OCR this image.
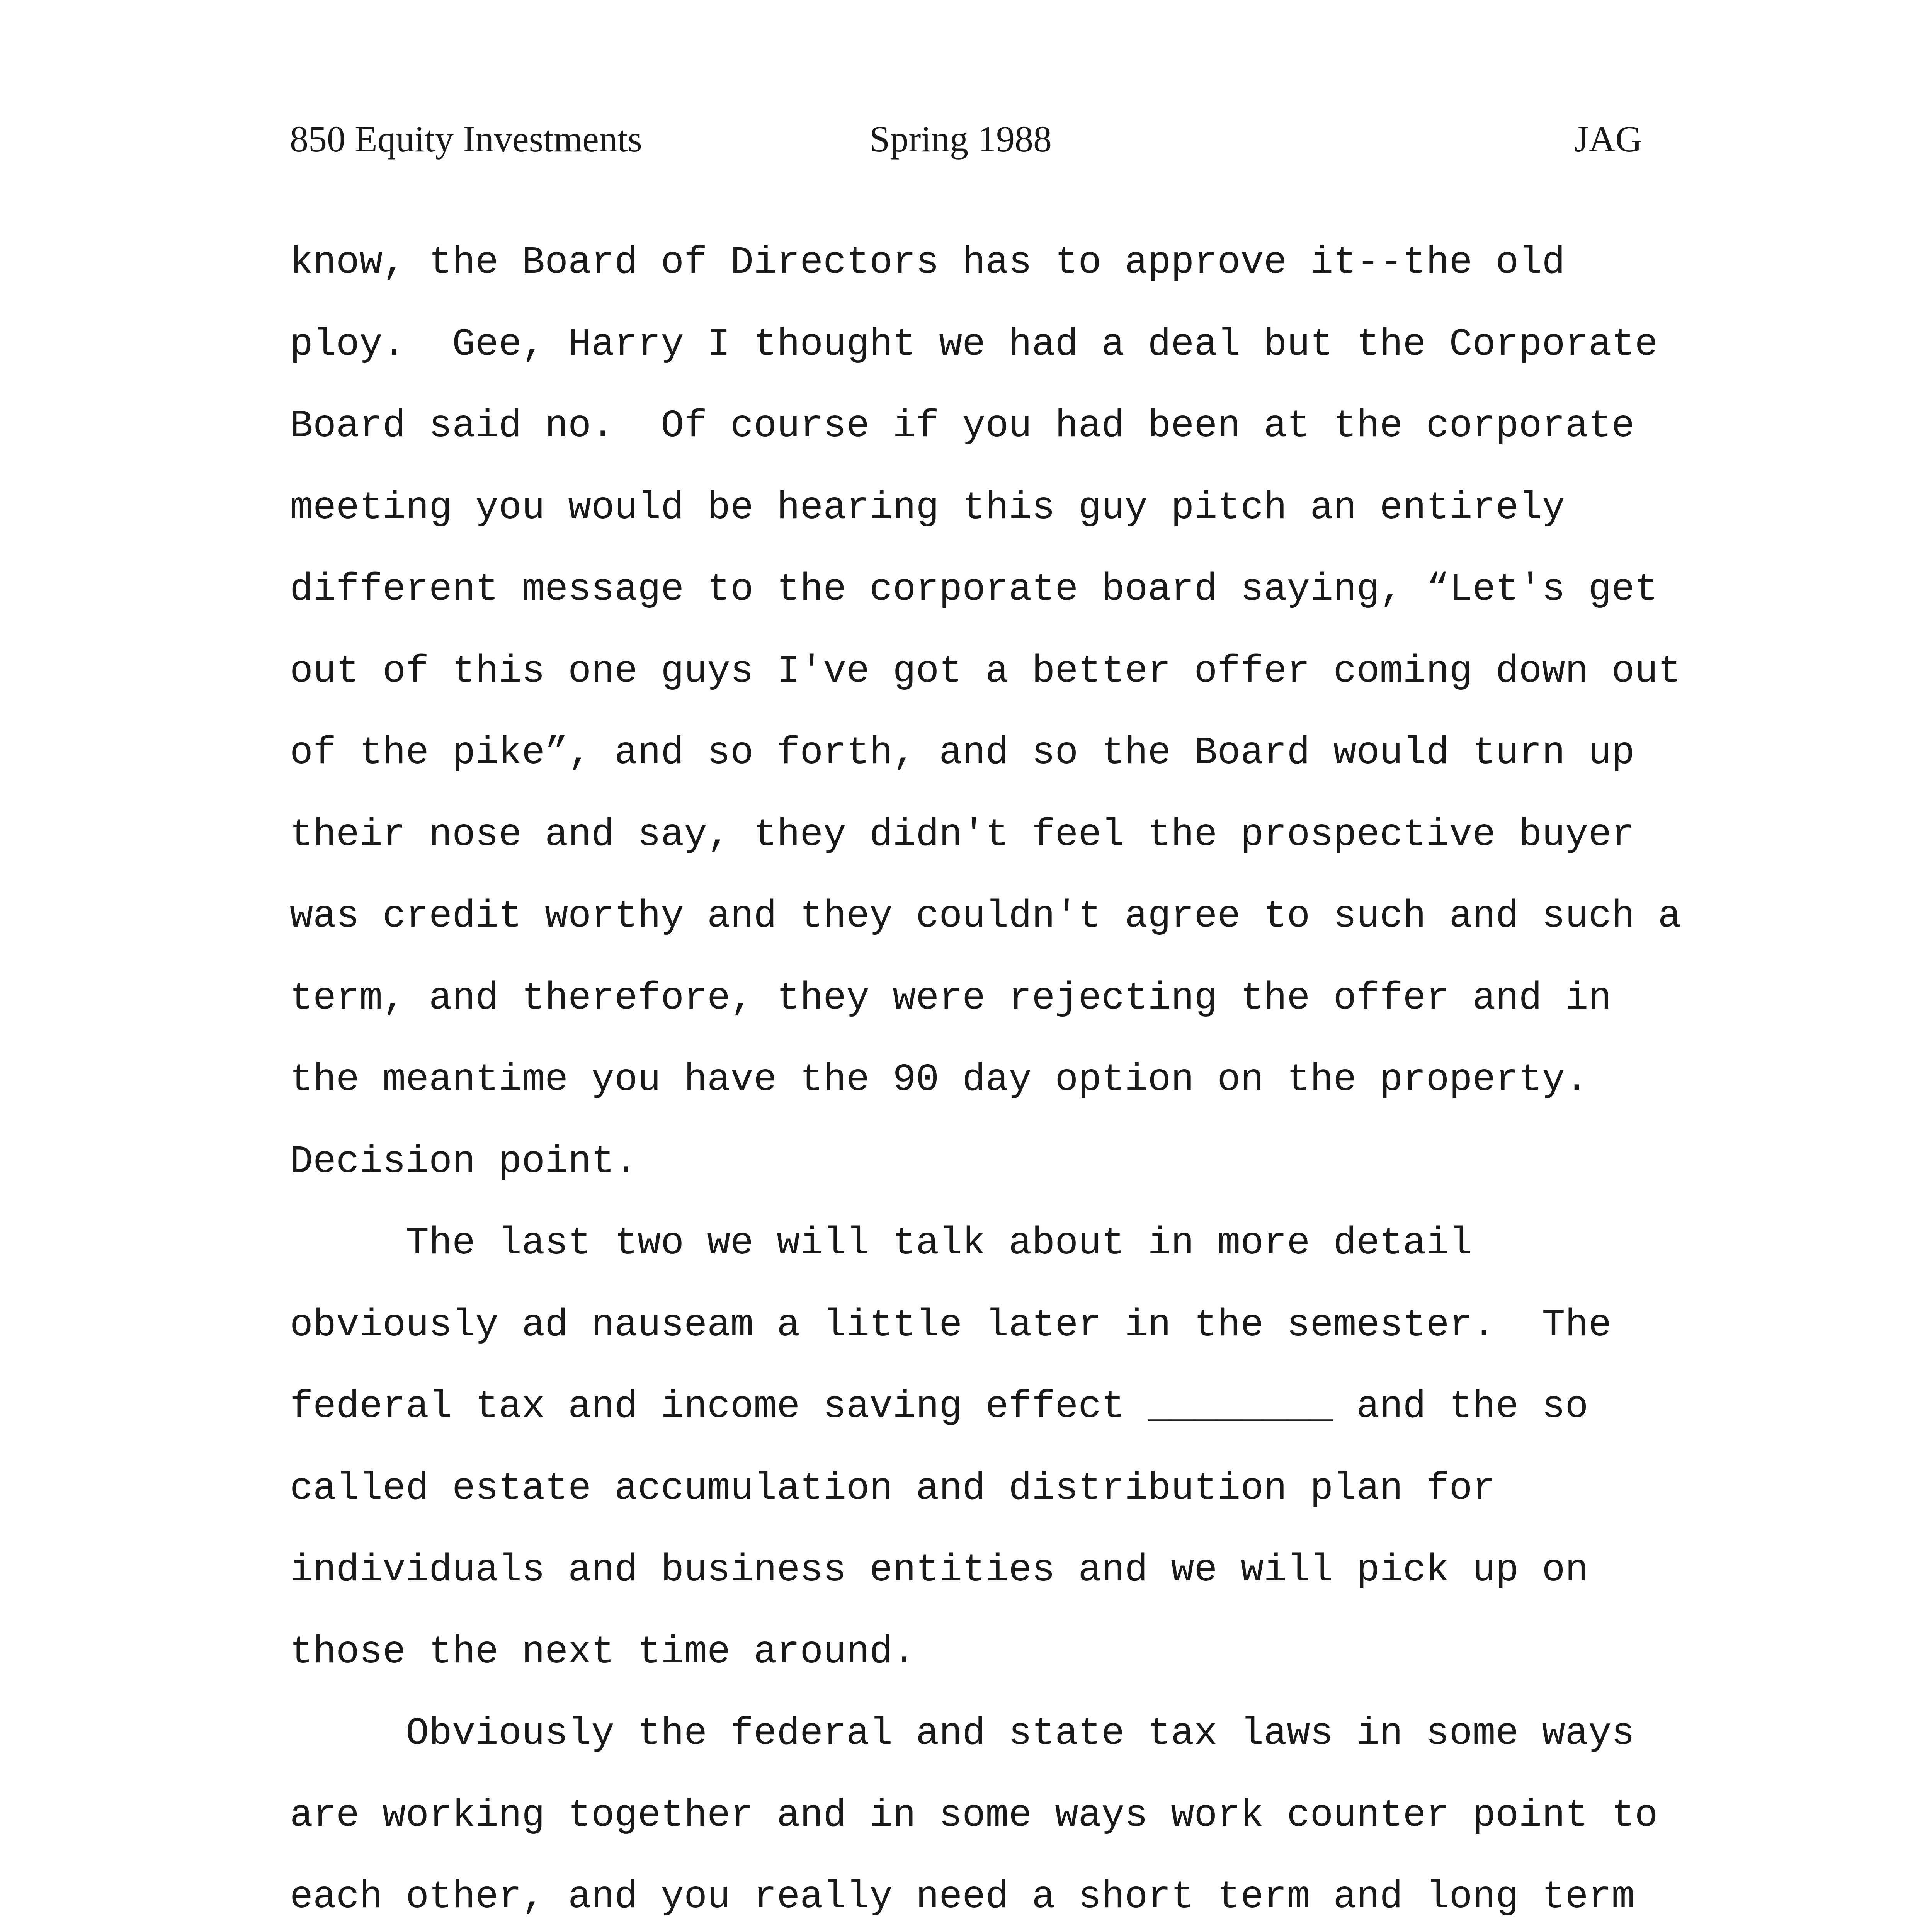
850 Equity Investments	Spring 1988	JAG
know, the Board of Directors has to approve it--the old
ploy.  Gee, Harry I thought we had a deal but the Corporate
Board said no.  Of course if you had been at the corporate
meeting you would be hearing this guy pitch an entirely
different message to the corporate board saying, “Let's get
out of this one guys I've got a better offer coming down out
of the pike”, and so forth, and so the Board would turn up
their nose and say, they didn't feel the prospective buyer
was credit worthy and they couldn't agree to such and such a
term, and therefore, they were rejecting the offer and in
the meantime you have the 90 day option on the property.
Decision point.
The last two we will talk about in more detail
obviously ad nauseam a little later in the semester.  The
federal tax and income saving effect ________ and the so
called estate accumulation and distribution plan for
individuals and business entities and we will pick up on
those the next time around.
Obviously the federal and state tax laws in some ways
are working together and in some ways work counter point to
each other, and you really need a short term and long term
